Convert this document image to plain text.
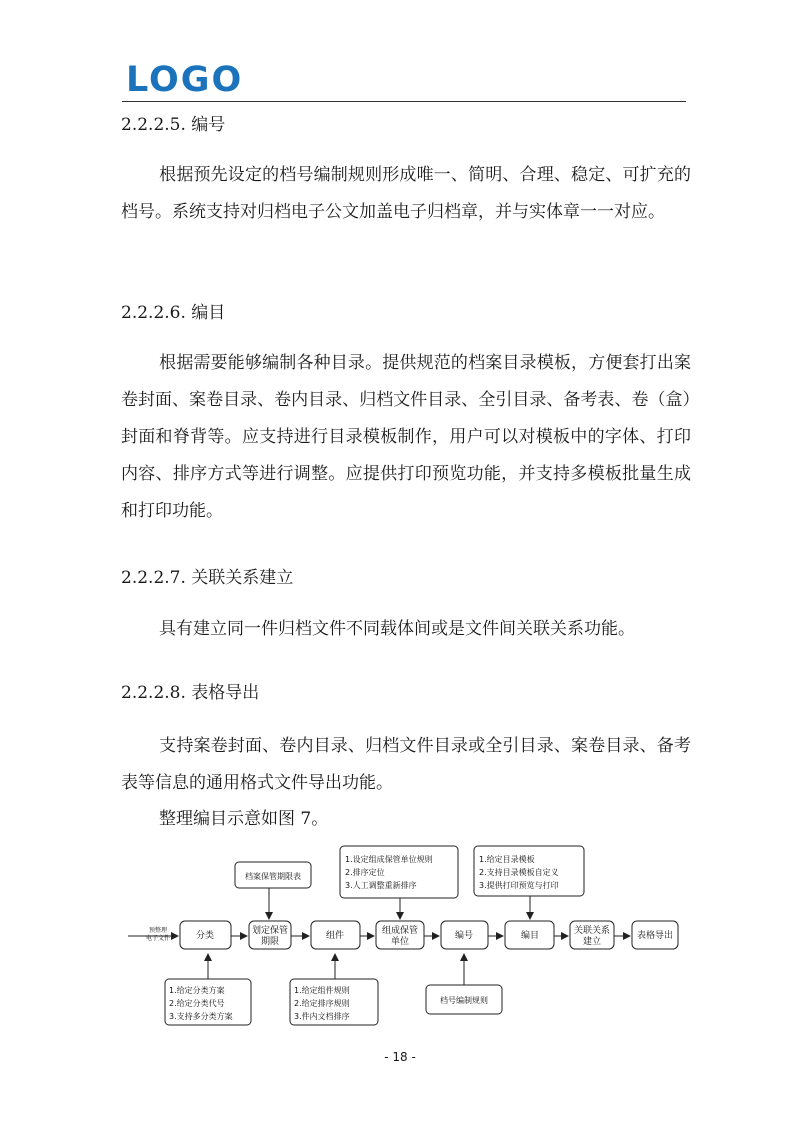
LOGO

2.2.2.5. 编号

根据预先设定的档号编制规则形成唯一、简明、合理、稳定、可扩充的档号。系统支持对归档电子公文加盖电子归档章，并与实体章一一对应。

2.2.2.6. 编目

根据需要能够编制各种目录。提供规范的档案目录模板，方便套打出案卷封面、案卷目录、卷内目录、归档文件目录、全引目录、备考表、卷（盒）封面和脊背等。应支持进行目录模板制作，用户可以对模板中的字体、打印内容、排序方式等进行调整。应提供打印预览功能，并支持多模板批量生成和打印功能。

2.2.2.7. 关联关系建立

具有建立同一件归档文件不同载体间或是文件间关联关系功能。

2.2.2.8. 表格导出

支持案卷封面、卷内目录、归档文件目录或全引目录、案卷目录、备考表等信息的通用格式文件导出功能。

整理编目示意如图 7。

预整理
电子文件	分类	划定保管
期限
组件	组成保管
单位
编号	编目	关联关系
建立
表格导出
档案保管期限表
1.设定组成保管单位规则
2.排序定位
3.人工调整重新排序
1.给定目录模板
2.支持目录模板自定义
3.提供打印预览与打印
1.给定分类方案
2.给定分类代号
3.支持多分类方案
1.给定组件规则
2.给定排序规则
3.件内文档排序
档号编制规则

- 18 -
